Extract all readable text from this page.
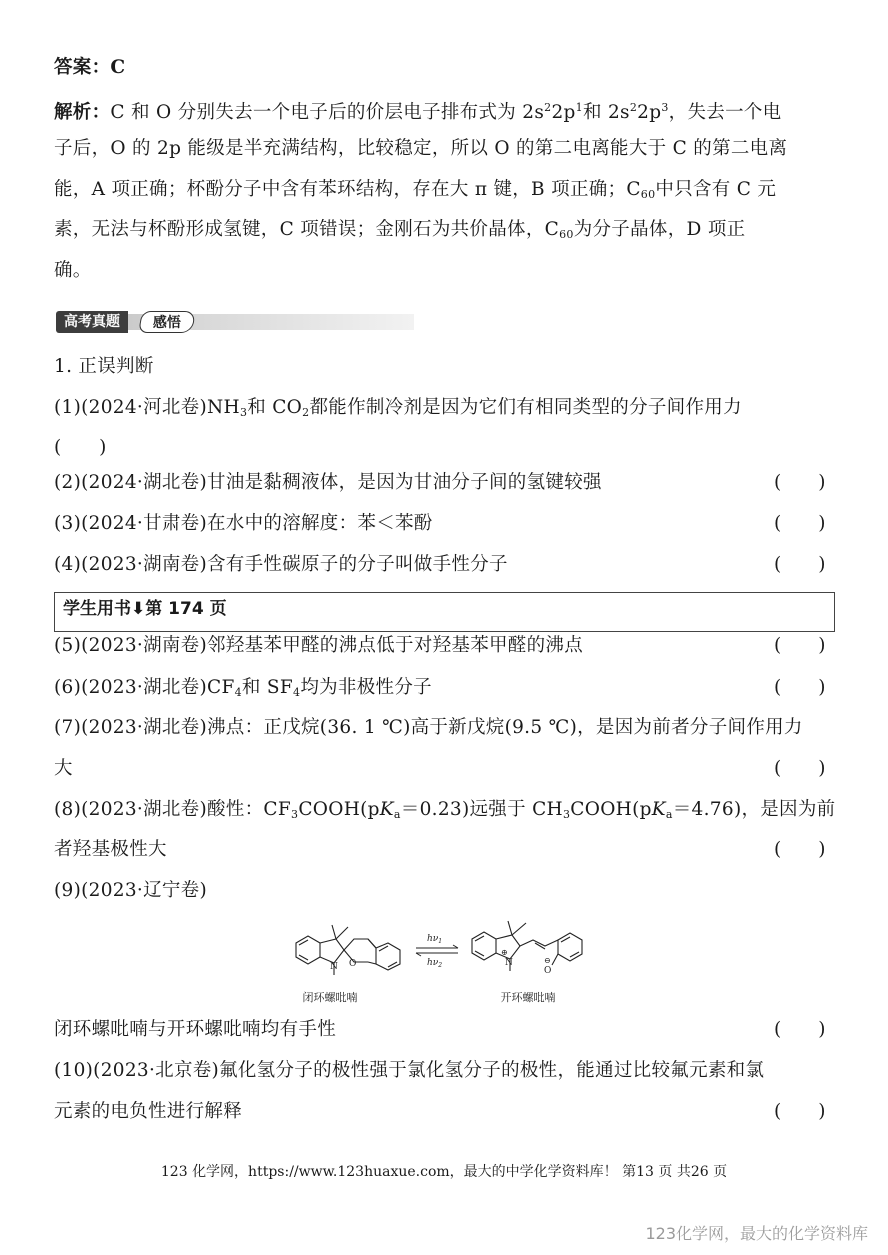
答案：C
解析：C 和 O 分别失去一个电子后的价层电子排布式为 $2s^22p^1$和 $2s^22p^3$，失去一个电
子后，O 的 2p 能级是半充满结构，比较稳定，所以 O 的第二电离能大于 C 的第二电离
能，A 项正确；杯酚分子中含有苯环结构，存在大 π 键，B 项正确；$C_{60}$中只含有 C 元
素，无法与杯酚形成氢键，C 项错误；金刚石为共价晶体，$C_{60}$为分子晶体，D 项正
确。
高考真题	感悟
1. 正误判断
(1)(2024·河北卷)$NH_3$和 $CO_2$都能作制冷剂是因为它们有相同类型的分子间作用力
(　　)
(2)(2024·湖北卷)甘油是黏稠液体，是因为甘油分子间的氢键较强	(　　)
(3)(2024·甘肃卷)在水中的溶解度：苯＜苯酚	(　　)
(4)(2023·湖南卷)含有手性碳原子的分子叫做手性分子	(　　)
学生用书⬇第 174 页
(5)(2023·湖南卷)邻羟基苯甲醛的沸点低于对羟基苯甲醛的沸点	(　　)
(6)(2023·湖北卷)$CF_4$和 $SF_4$均为非极性分子	(　　)
(7)(2023·湖北卷)沸点：正戊烷(36. 1 ℃)高于新戊烷(9.5 ℃)，是因为前者分子间作用力
大	(　　)
(8)(2023·湖北卷)酸性：$CF_3COOH(pK_a=0.23)$远强于 $CH_3COOH(pK_a=4.76)$，是因为前
者羟基极性大	(　　)
(9)(2023·辽宁卷)
N O
$h\nu_1$
$h\nu_2$	N
⊕
O
⊖
闭环螺吡喃	开环螺吡喃
闭环螺吡喃与开环螺吡喃均有手性	(　　)
(10)(2023·北京卷)氟化氢分子的极性强于氯化氢分子的极性，能通过比较氟元素和氯
元素的电负性进行解释	(　　)
123 化学网，https://www.123huaxue.com，最大的中学化学资料库！ 第13 页 共26 页
123化学网，最大的化学资料库
